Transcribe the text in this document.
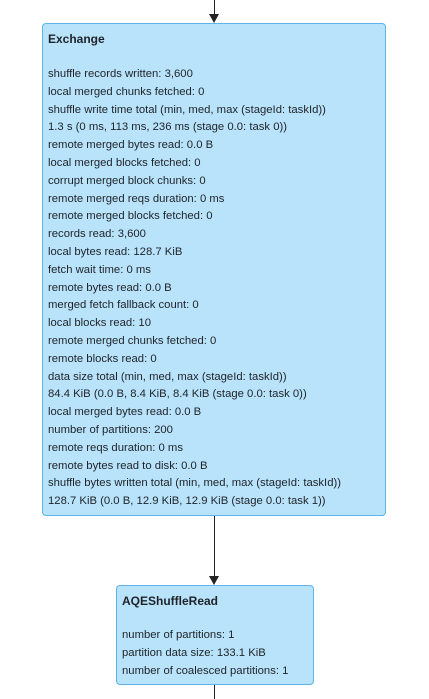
Exchange
shuffle records written: 3,600
local merged chunks fetched: 0
shuffle write time total (min, med, max (stageId: taskId))
1.3 s (0 ms, 113 ms, 236 ms (stage 0.0: task 0))
remote merged bytes read: 0.0 B
local merged blocks fetched: 0
corrupt merged block chunks: 0
remote merged reqs duration: 0 ms
remote merged blocks fetched: 0
records read: 3,600
local bytes read: 128.7 KiB
fetch wait time: 0 ms
remote bytes read: 0.0 B
merged fetch fallback count: 0
local blocks read: 10
remote merged chunks fetched: 0
remote blocks read: 0
data size total (min, med, max (stageId: taskId))
84.4 KiB (0.0 B, 8.4 KiB, 8.4 KiB (stage 0.0: task 0))
local merged bytes read: 0.0 B
number of partitions: 200
remote reqs duration: 0 ms
remote bytes read to disk: 0.0 B
shuffle bytes written total (min, med, max (stageId: taskId))
128.7 KiB (0.0 B, 12.9 KiB, 12.9 KiB (stage 0.0: task 1))
AQEShuffleRead
number of partitions: 1
partition data size: 133.1 KiB
number of coalesced partitions: 1
